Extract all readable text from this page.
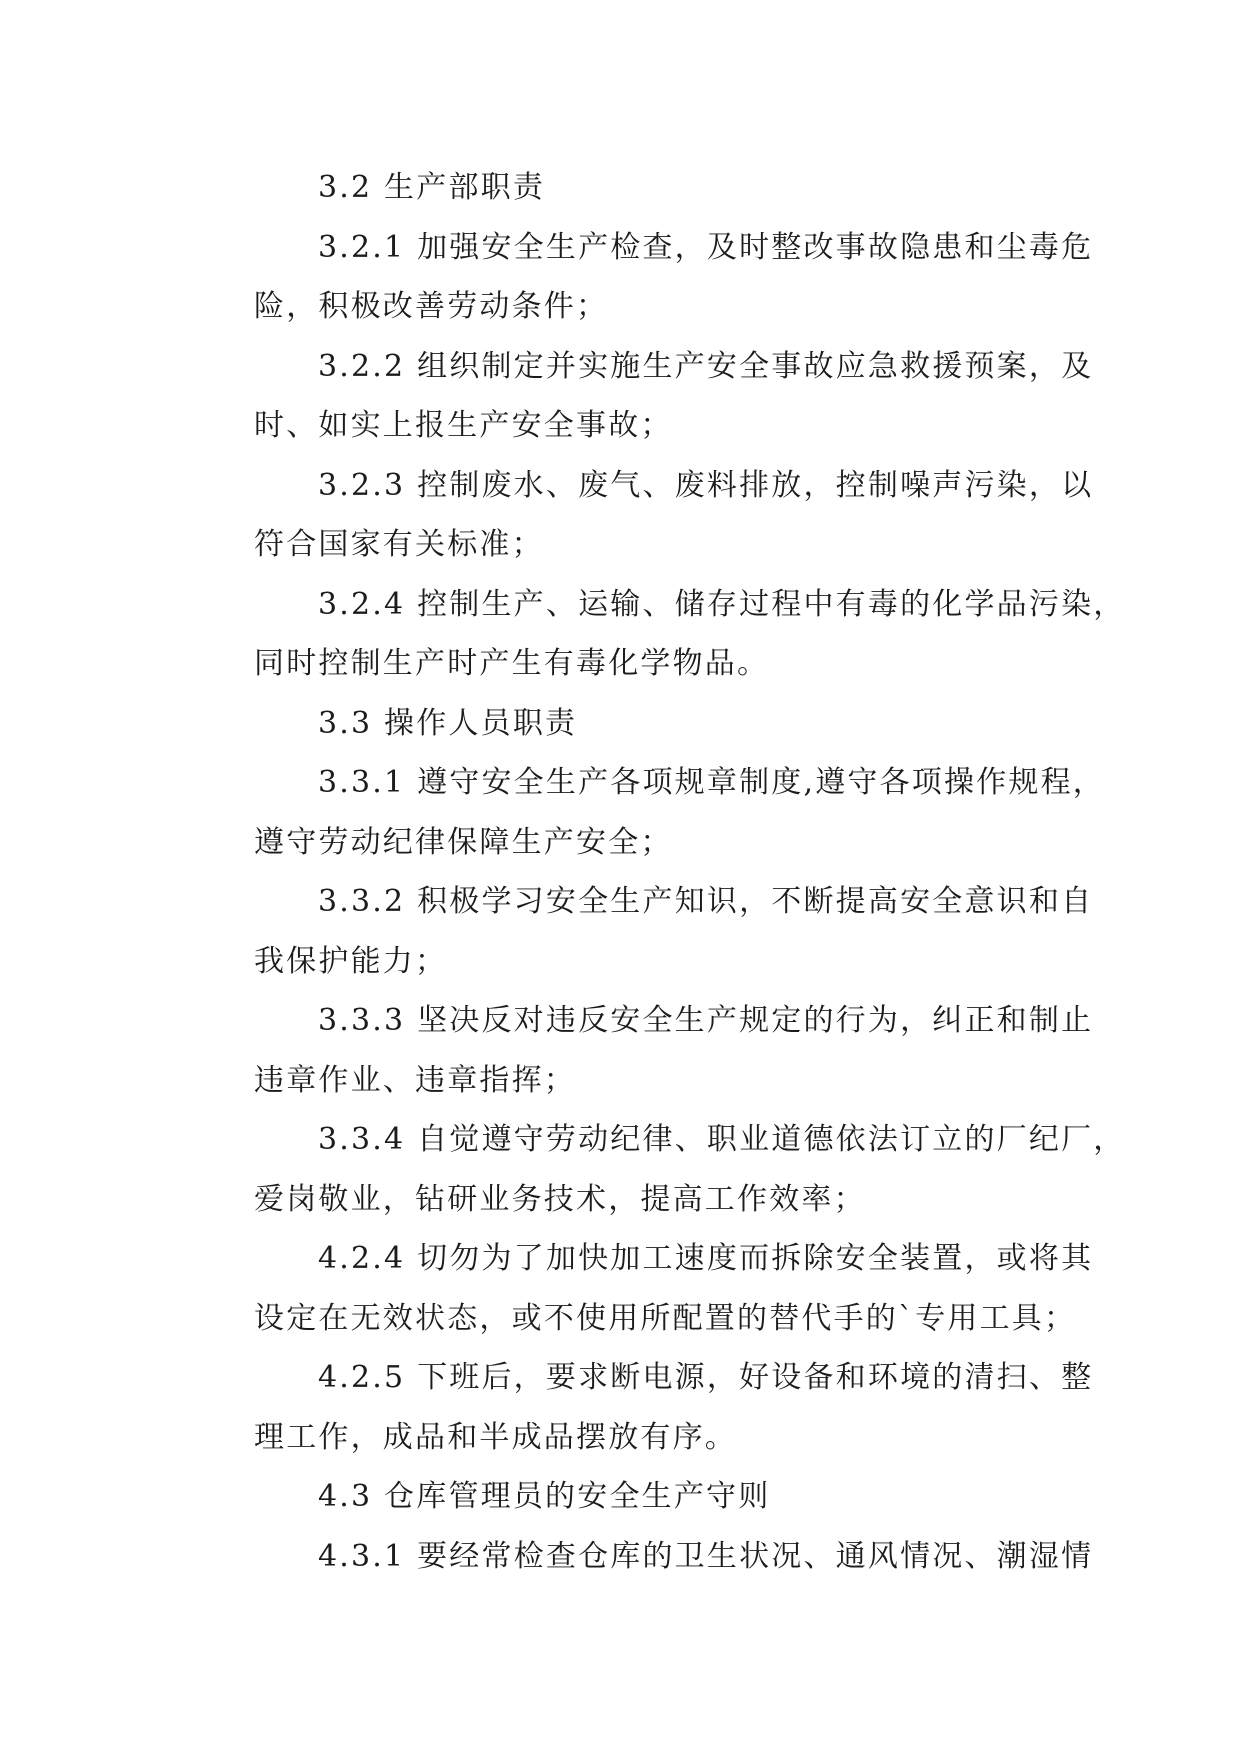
3.2 生产部职责
3.2.1 加强安全生产检查，及时整改事故隐患和尘毒危
险，积极改善劳动条件；
3.2.2 组织制定并实施生产安全事故应急救援预案，及
时、如实上报生产安全事故；
3.2.3 控制废水、废气、废料排放，控制噪声污染，以
符合国家有关标准；
3.2.4 控制生产、运输、储存过程中有毒的化学品污染，
同时控制生产时产生有毒化学物品。
3.3 操作人员职责
3.3.1 遵守安全生产各项规章制度,遵守各项操作规程，
遵守劳动纪律保障生产安全；
3.3.2 积极学习安全生产知识，不断提高安全意识和自
我保护能力；
3.3.3 坚决反对违反安全生产规定的行为，纠正和制止
违章作业、违章指挥；
3.3.4 自觉遵守劳动纪律、职业道德依法订立的厂纪厂，
爱岗敬业，钻研业务技术，提高工作效率；
4.2.4 切勿为了加快加工速度而拆除安全装置，或将其
设定在无效状态，或不使用所配置的替代手的`专用工具；
4.2.5 下班后，要求断电源，好设备和环境的清扫、整
理工作，成品和半成品摆放有序。
4.3 仓库管理员的安全生产守则
4.3.1 要经常检查仓库的卫生状况、通风情况、潮湿情
